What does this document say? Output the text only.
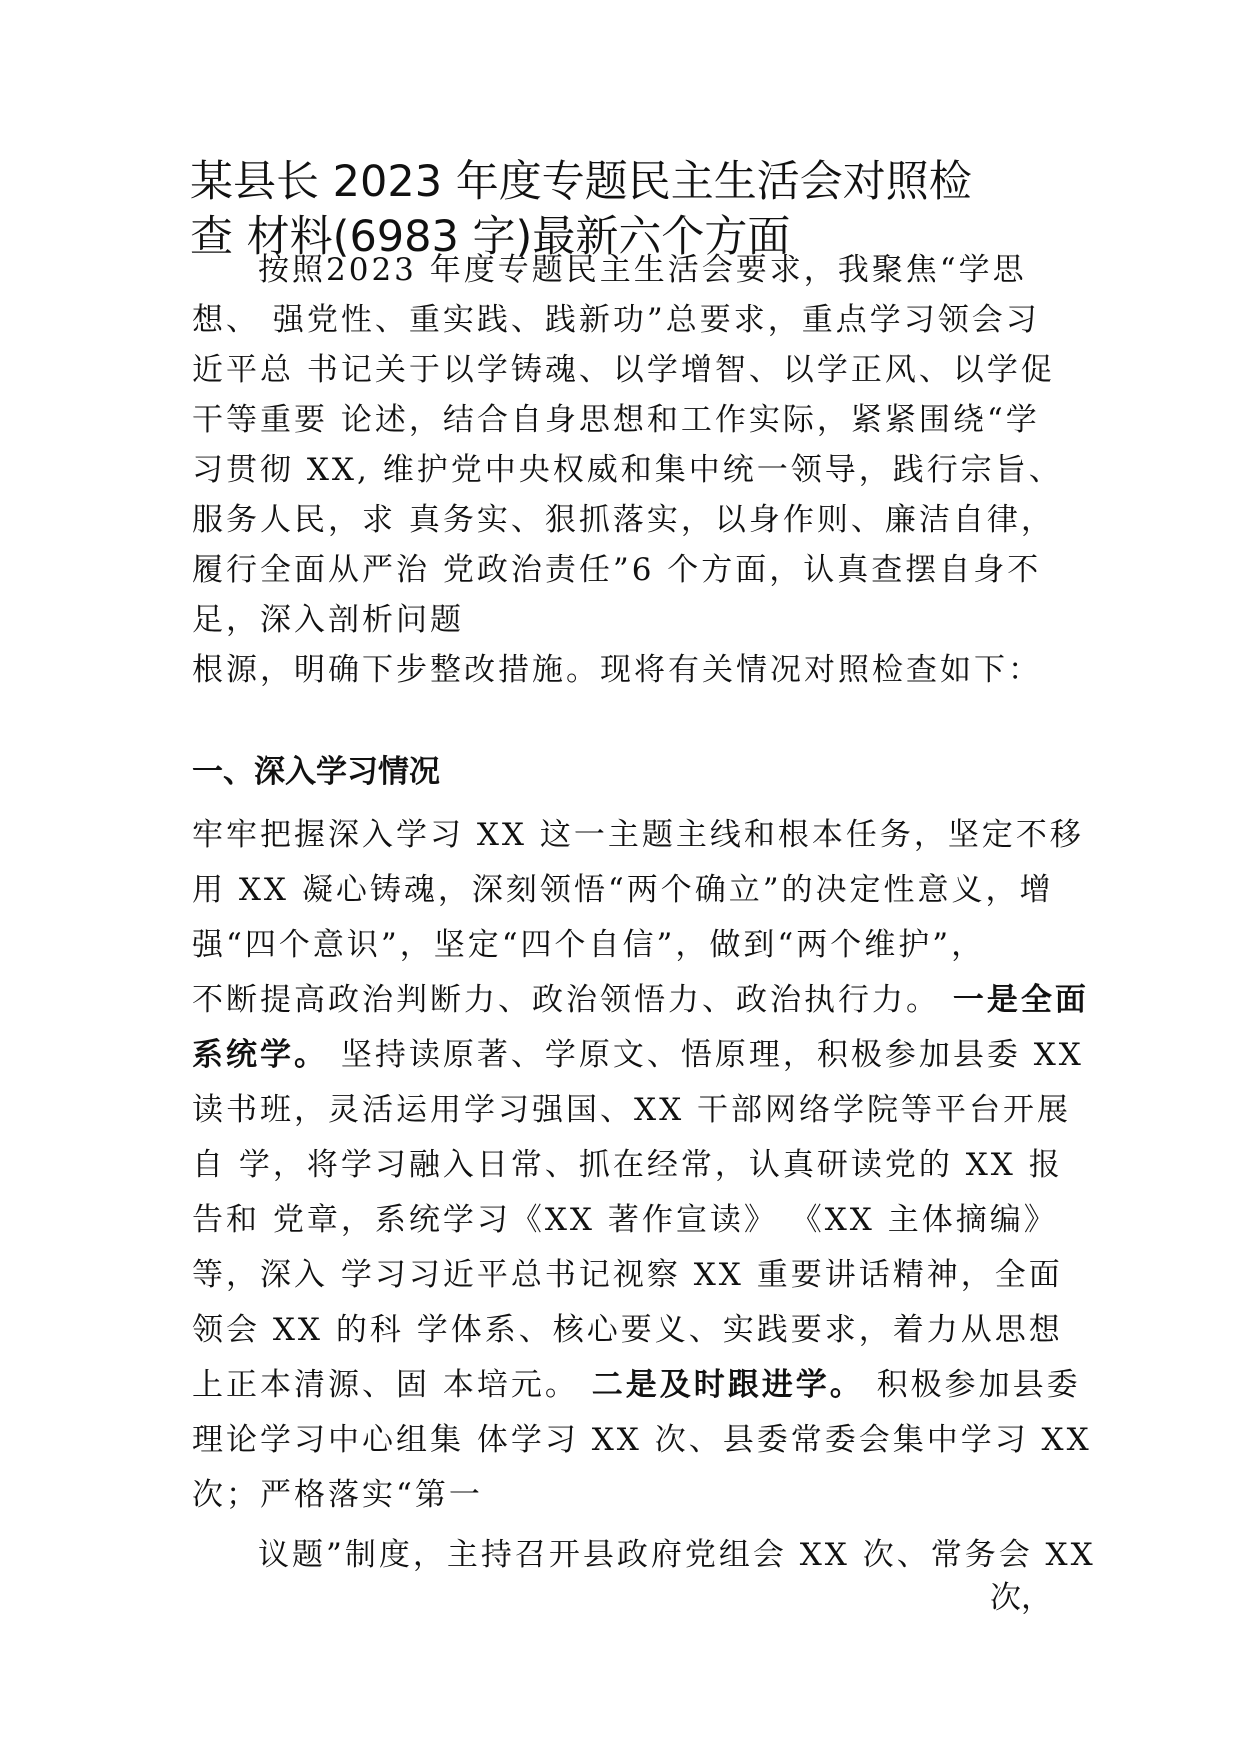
某县长 2023 年度专题民主生活会对照检
查 材料(6983 字)最新六个方面
按照2023 年度专题民主生活会要求，我聚焦“学思
想、 强党性、重实践、践新功”总要求，重点学习领会习
近平总 书记关于以学铸魂、以学增智、以学正风、以学促
干等重要 论述，结合自身思想和工作实际，紧紧围绕“学
习贯彻 XX, 维护党中央权威和集中统一领导，践行宗旨、
服务人民，求 真务实、狠抓落实，以身作则、廉洁自律，
履行全面从严治 党政治责任”6 个方面，认真查摆自身不
足，深入剖析问题
根源，明确下步整改措施。现将有关情况对照检查如下：
一、深入学习情况
牢牢把握深入学习 XX 这一主题主线和根本任务，坚定不移
用 XX 凝心铸魂，深刻领悟“两个确立”的决定性意义，增
强“四个意识”，坚定“四个自信”，做到“两个维护”，
不断提高政治判断力、政治领悟力、政治执行力。 一是全面
系统学。 坚持读原著、学原文、悟原理，积极参加县委 XX
读书班，灵活运用学习强国、XX 干部网络学院等平台开展
自 学，将学习融入日常、抓在经常，认真研读党的 XX 报
告和 党章，系统学习《XX 著作宣读》 《XX 主体摘编》
等，深入 学习习近平总书记视察 XX 重要讲话精神，全面
领会 XX 的科 学体系、核心要义、实践要求，着力从思想
上正本清源、固 本培元。 二是及时跟进学。 积极参加县委
理论学习中心组集 体学习 XX 次、县委常委会集中学习 XX
次；严格落实“第一
议题”制度，主持召开县政府党组会 XX 次、常务会 XX
次，
